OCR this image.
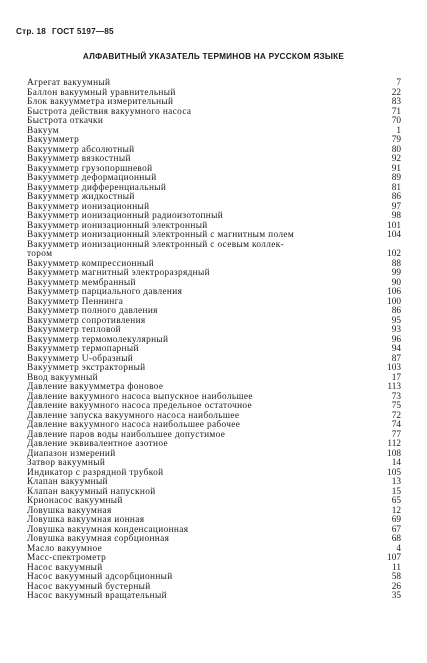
Стр. 18 ГОСТ 5197—85
АЛФАВИТНЫЙ УКАЗАТЕЛЬ ТЕРМИНОВ НА РУССКОМ ЯЗЫКЕ
Агрегат вакуумный	7
Баллон вакуумный уравнительный	22
Блок вакуумметра измерительный	83
Быстрота действия вакуумного насоса	71
Быстрота откачки	70
Вакуум	1
Вакуумметр	79
Вакуумметр абсолютный	80
Вакуумметр вязкостный	92
Вакуумметр грузопоршневой	91
Вакуумметр деформационный	89
Вакуумметр дифференциальный	81
Вакуумметр жидкостный	86
Вакуумметр ионизационный	97
Вакуумметр ионизационный радиоизотопный	98
Вакуумметр ионизационный электронный	101
Вакуумметр ионизационный электронный с магнитным полем	104
Вакуумметр ионизационный электронный с осевым коллек-
тором	102
Вакуумметр компрессионный	88
Вакуумметр магнитный электроразрядный	99
Вакуумметр мембранный	90
Вакуумметр парциального давления	106
Вакуумметр Пеннинга	100
Вакуумметр полного давления	86
Вакуумметр сопротивления	95
Вакуумметр тепловой	93
Вакуумметр термомолекулярный	96
Вакуумметр термопарный	94
Вакуумметр U-образный	87
Вакуумметр экстракторный	103
Ввод вакуумный	17
Давление вакуумметра фоновое	113
Давление вакуумного насоса выпускное наибольшее	73
Давление вакуумного насоса предельное остаточное	75
Давление запуска вакуумного насоса наибольшее	72
Давление вакуумного насоса наибольшее рабочее	74
Давление паров воды наибольшее допустимое	77
Давление эквивалентное азотное	112
Диапазон измерений	108
Затвор вакуумный	14
Индикатор с разрядной трубкой	105
Клапан вакуумный	13
Клапан вакуумный напускной	15
Крионасос вакуумный	65
Ловушка вакуумная	12
Ловушка вакуумная ионная	69
Ловушка вакуумная конденсационная	67
Ловушка вакуумная сорбционная	68
Масло вакуумное	4
Масс-спектрометр	107
Насос вакуумный	11
Насос вакуумный адсорбционный	58
Насос вакуумный бустерный	26
Насос вакуумный вращательный	35
